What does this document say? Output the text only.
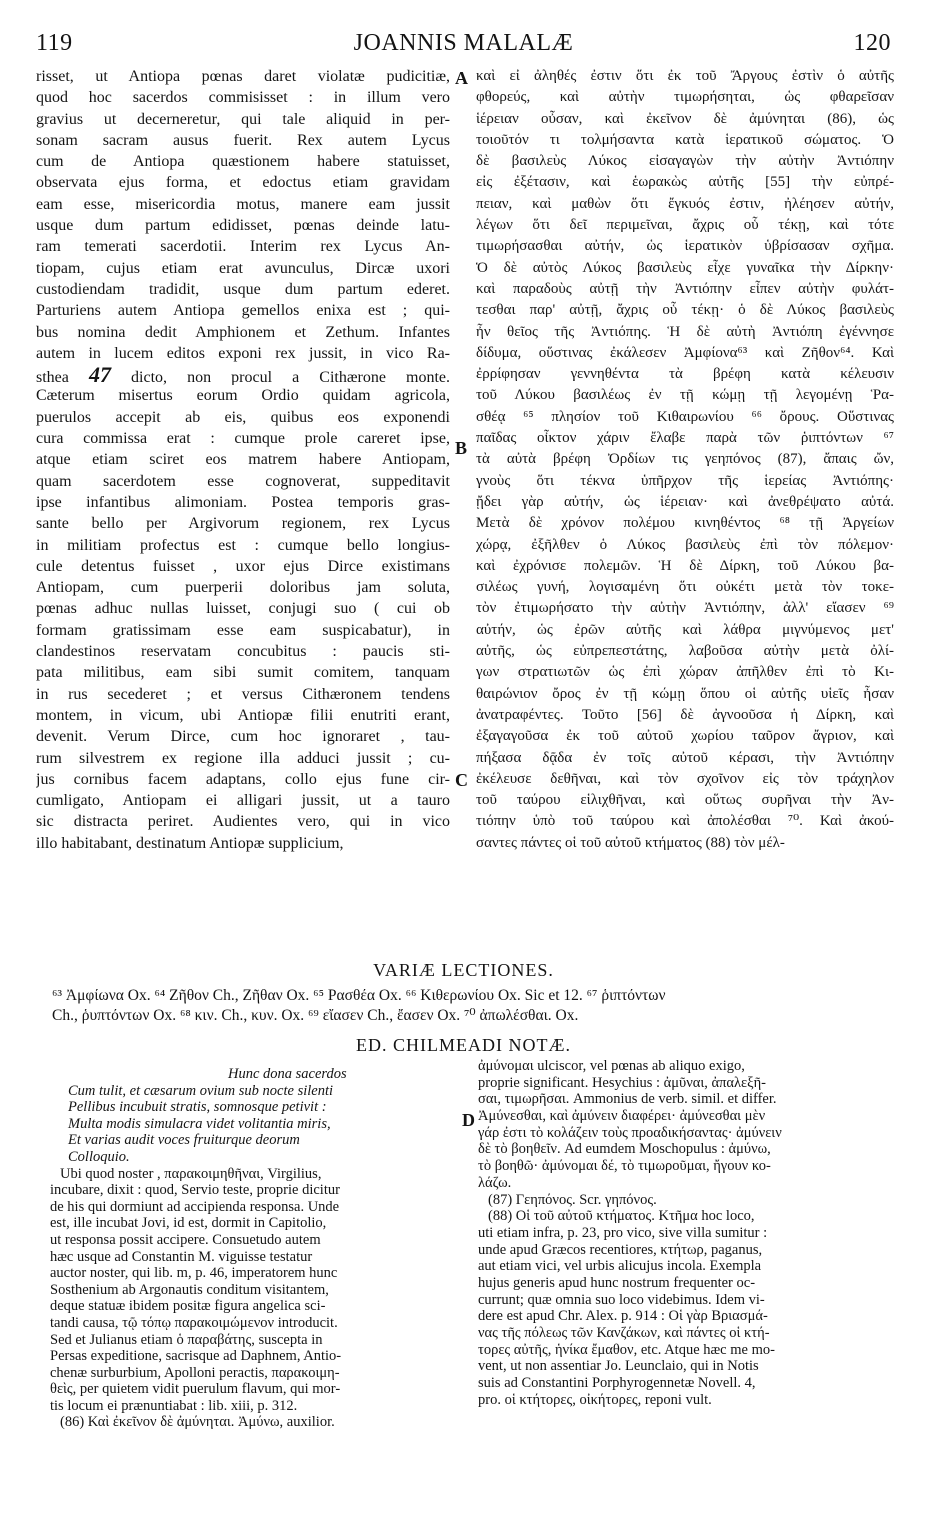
119	JOANNIS MALALÆ	120
risset, ut Antiopa pœnas daret violatæ pudicitiæ,
quod hoc sacerdos commisisset : in illum vero
gravius ut decerneretur, qui tale aliquid in per-
sonam sacram ausus fuerit. Rex autem Lycus
cum de Antiopa quæstionem habere statuisset,
observata ejus forma, et edoctus etiam gravidam
eam esse, misericordia motus, manere eam jussit
usque dum partum edidisset, pœnas deinde latu-
ram temerati sacerdotii. Interim rex Lycus An-
tiopam, cujus etiam erat avunculus, Dircæ uxori
custodiendam tradidit, usque dum partum ederet.
Parturiens autem Antiopa gemellos enixa est ; qui-
bus nomina dedit Amphionem et Zethum. Infantes
autem in lucem editos exponi rex jussit, in vico Ra-
sthea 47 dicto, non procul a Cithærone monte.
Cæterum misertus eorum Ordio quidam agricola,
puerulos accepit ab eis, quibus eos exponendi
cura commissa erat : cumque prole careret ipse,
atque etiam sciret eos matrem habere Antiopam,
quam sacerdotem esse cognoverat, suppeditavit
ipse infantibus alimoniam. Postea temporis gras-
sante bello per Argivorum regionem, rex Lycus
in militiam profectus est : cumque bello longius-
cule detentus fuisset , uxor ejus Dirce existimans
Antiopam, cum puerperii doloribus jam soluta,
pœnas adhuc nullas luisset, conjugi suo ( cui ob
formam gratissimam esse eam suspicabatur), in
clandestinos reservatam concubitus : paucis sti-
pata militibus, eam sibi sumit comitem, tanquam
in rus secederet ; et versus Cithæronem tendens
montem, in vicum, ubi Antiopæ filii enutriti erant,
devenit. Verum Dirce, cum hoc ignoraret , tau-
rum silvestrem ex regione illa adduci jussit ; cu-
jus cornibus facem adaptans, collo ejus fune cir-
cumligato, Antiopam ei alligari jussit, ut a tauro
sic distracta periret. Audientes vero, qui in vico
illo habitabant, destinatum Antiopæ supplicium,
καὶ εἰ ἀληθές ἐστιν ὅτι ἐκ τοῦ Ἄργους ἐστὶν ὁ αὐτῆς
φθορεύς, καὶ αὐτὴν τιμωρήσηται, ὡς φθαρεῖσαν
ἱέρειαν οὖσαν, καὶ ἐκεῖνον δὲ ἀμύνηται (86), ὡς
τοιοῦτόν τι τολμήσαντα κατὰ ἱερατικοῦ σώματος. Ὁ
δὲ βασιλεὺς Λύκος εἰσαγαγὼν τὴν αὐτὴν Ἀντιόπην
εἰς ἐξέτασιν, καὶ ἑωρακὼς αὐτῆς [55] τὴν εὐπρέ-
πειαν, καὶ μαθὼν ὅτι ἔγκυός ἐστιν, ἠλέησεν αὐτήν,
λέγων ὅτι δεῖ περιμεῖναι, ἄχρις οὗ τέκῃ, καὶ τότε
τιμωρήσασθαι αὐτήν, ὡς ἱερατικὸν ὑβρίσασαν σχῆμα.
Ὁ δὲ αὐτὸς Λύκος βασιλεὺς εἶχε γυναῖκα τὴν Δίρκην·
καὶ παραδοὺς αὐτῇ τὴν Ἀντιόπην εἶπεν αὐτὴν φυλάτ-
τεσθαι παρ' αὐτῇ, ἄχρις οὗ τέκῃ· ὁ δὲ Λύκος βασιλεὺς
ἦν θεῖος τῆς Ἀντιόπης. Ἡ δὲ αὐτὴ Ἀντιόπη ἐγέννησε
δίδυμα, οὕστινας ἐκάλεσεν Ἀμφίονα⁶³ καὶ Ζῆθον⁶⁴. Καὶ
ἐρρίφησαν γεννηθέντα τὰ βρέφη κατὰ κέλευσιν
τοῦ Λύκου βασιλέως ἐν τῇ κώμῃ τῇ λεγομένῃ Ῥα-
σθέᾳ ⁶⁵ πλησίον τοῦ Κιθαιρωνίου ⁶⁶ ὄρους. Οὕστινας
παῖδας οἶκτον χάριν ἔλαβε παρὰ τῶν ῥιπτόντων ⁶⁷
τὰ αὐτὰ βρέφη Ὀρδίων τις γεηπόνος (87), ἄπαις ὤν,
γνοὺς ὅτι τέκνα ὑπῆρχον τῆς ἱερείας Ἀντιόπης·
ᾔδει γὰρ αὐτήν, ὡς ἱέρειαν· καὶ ἀνεθρέψατο αὐτά.
Μετὰ δὲ χρόνον πολέμου κινηθέντος ⁶⁸ τῇ Ἀργείων
χώρᾳ, ἐξῆλθεν ὁ Λύκος βασιλεὺς ἐπὶ τὸν πόλεμον·
καὶ ἐχρόνισε πολεμῶν. Ἡ δὲ Δίρκη, τοῦ Λύκου βα-
σιλέως γυνή, λογισαμένη ὅτι οὐκέτι μετὰ τὸν τοκε-
τὸν ἐτιμωρήσατο τὴν αὐτὴν Ἀντιόπην, ἀλλ' εἴασεν ⁶⁹
αὐτήν, ὡς ἐρῶν αὐτῆς καὶ λάθρα μιγνύμενος μετ'
αὐτῆς, ὡς εὐπρεπεστάτης, λαβοῦσα αὐτὴν μετὰ ὀλί-
γων στρατιωτῶν ὡς ἐπὶ χώραν ἀπῆλθεν ἐπὶ τὸ Κι-
θαιρώνιον ὄρος ἐν τῇ κώμῃ ὅπου οἱ αὐτῆς υἱεῖς ἦσαν
ἀνατραφέντες. Τοῦτο [56] δὲ ἀγνοοῦσα ἡ Δίρκη, καὶ
ἐξαγαγοῦσα ἐκ τοῦ αὐτοῦ χωρίου ταῦρον ἄγριον, καὶ
πήξασα δᾷδα ἐν τοῖς αὐτοῦ κέρασι, τὴν Ἀντιόπην
ἐκέλευσε δεθῆναι, καὶ τὸν σχοῖνον εἰς τὸν τράχηλον
τοῦ ταύρου εἱλιχθῆναι, καὶ οὕτως συρῆναι τὴν Ἀν-
τιόπην ὑπὸ τοῦ ταύρου καὶ ἀπολέσθαι ⁷⁰. Καὶ ἀκού-
σαντες πάντες οἱ τοῦ αὐτοῦ κτήματος (88) τὸν μέλ-
A
B
C
D
VARIÆ LECTIONES.
⁶³ Ἀμφίωνα Ox. ⁶⁴ Ζῆθον Ch., Ζῆθαν Ox. ⁶⁵ Ρασθέα Ox. ⁶⁶ Κιθερωνίου Ox. Sic et 12. ⁶⁷ ῥιπτόντων
Ch., ῥυπτόντων Ox. ⁶⁸ κιν. Ch., κυν. Ox. ⁶⁹ εἴασεν Ch., ἔασεν Ox. ⁷⁰ ἀπωλέσθαι. Ox.
ED. CHILMEADI NOTÆ.
Hunc dona sacerdos
Cum tulit, et cæsarum ovium sub nocte silenti
Pellibus incubuit stratis, somnosque petivit :
Multa modis simulacra videt volitantia miris,
Et varias audit voces fruiturque deorum
Colloquio.
Ubi quod noster , παρακοιμηθῆναι, Virgilius,
incubare, dixit : quod, Servio teste, proprie dicitur
de his qui dormiunt ad accipienda responsa. Unde
est, ille incubat Jovi, id est, dormit in Capitolio,
ut responsa possit accipere. Consuetudo autem
hæc usque ad Constantin M. viguisse testatur
auctor noster, qui lib. m, p. 46, imperatorem hunc
Sosthenium ab Argonautis conditum visitantem,
deque statuæ ibidem positæ figura angelica sci-
tandi causa, τῷ τόπῳ παρακοιμώμενον introducit.
Sed et Julianus etiam ὁ παραβάτης, suscepta in
Persas expeditione, sacrisque ad Daphnem, Antio-
chenæ surburbium, Apolloni peractis, παρακοιμη-
θεὶς, per quietem vidit puerulum flavum, qui mor-
tis locum ei prænuntiabat : lib. xiii, p. 312.
(86) Καὶ ἐκεῖνον δὲ ἀμύνηται. Ἀμύνω, auxilior.
ἀμύνομαι ulciscor, vel pœnas ab aliquo exigo,
proprie significant. Hesychius : ἀμῦναι, ἀπαλεξῆ-
σαι, τιμωρῆσαι. Ammonius de verb. simil. et differ.
Ἀμύνεσθαι, καὶ ἀμύνειν διαφέρει· ἀμύνεσθαι μὲν
γάρ ἐστι τὸ κολάζειν τοὺς προαδικήσαντας· ἀμύνειν
δὲ τὸ βοηθεῖν. Ad eumdem Moschopulus : ἀμύνω,
τὸ βοηθῶ· ἀμύνομαι δέ, τὸ τιμωροῦμαι, ἤγουν κο-
λάζω.
(87) Γεηπόνος. Scr. γηπόνος.
(88) Οἱ τοῦ αὐτοῦ κτήματος. Κτῆμα hoc loco,
uti etiam infra, p. 23, pro vico, sive villa sumitur :
unde apud Græcos recentiores, κτήτωρ, paganus,
aut etiam vici, vel urbis alicujus incola. Exempla
hujus generis apud hunc nostrum frequenter oc-
currunt; quæ omnia suo loco videbimus. Idem vi-
dere est apud Chr. Alex. p. 914 : Οἱ γὰρ Βριασμά-
νας τῆς πόλεως τῶν Κανζάκων, καὶ πάντες οἱ κτή-
τορες αὐτῆς, ἡνίκα ἔμαθον, etc. Atque hæc me mo-
vent, ut non assentiar Jo. Leunclaio, qui in Notis
suis ad Constantini Porphyrogennetæ Novell. 4,
pro. οἱ κτήτορες, οἰκήτορες, reponi vult.
